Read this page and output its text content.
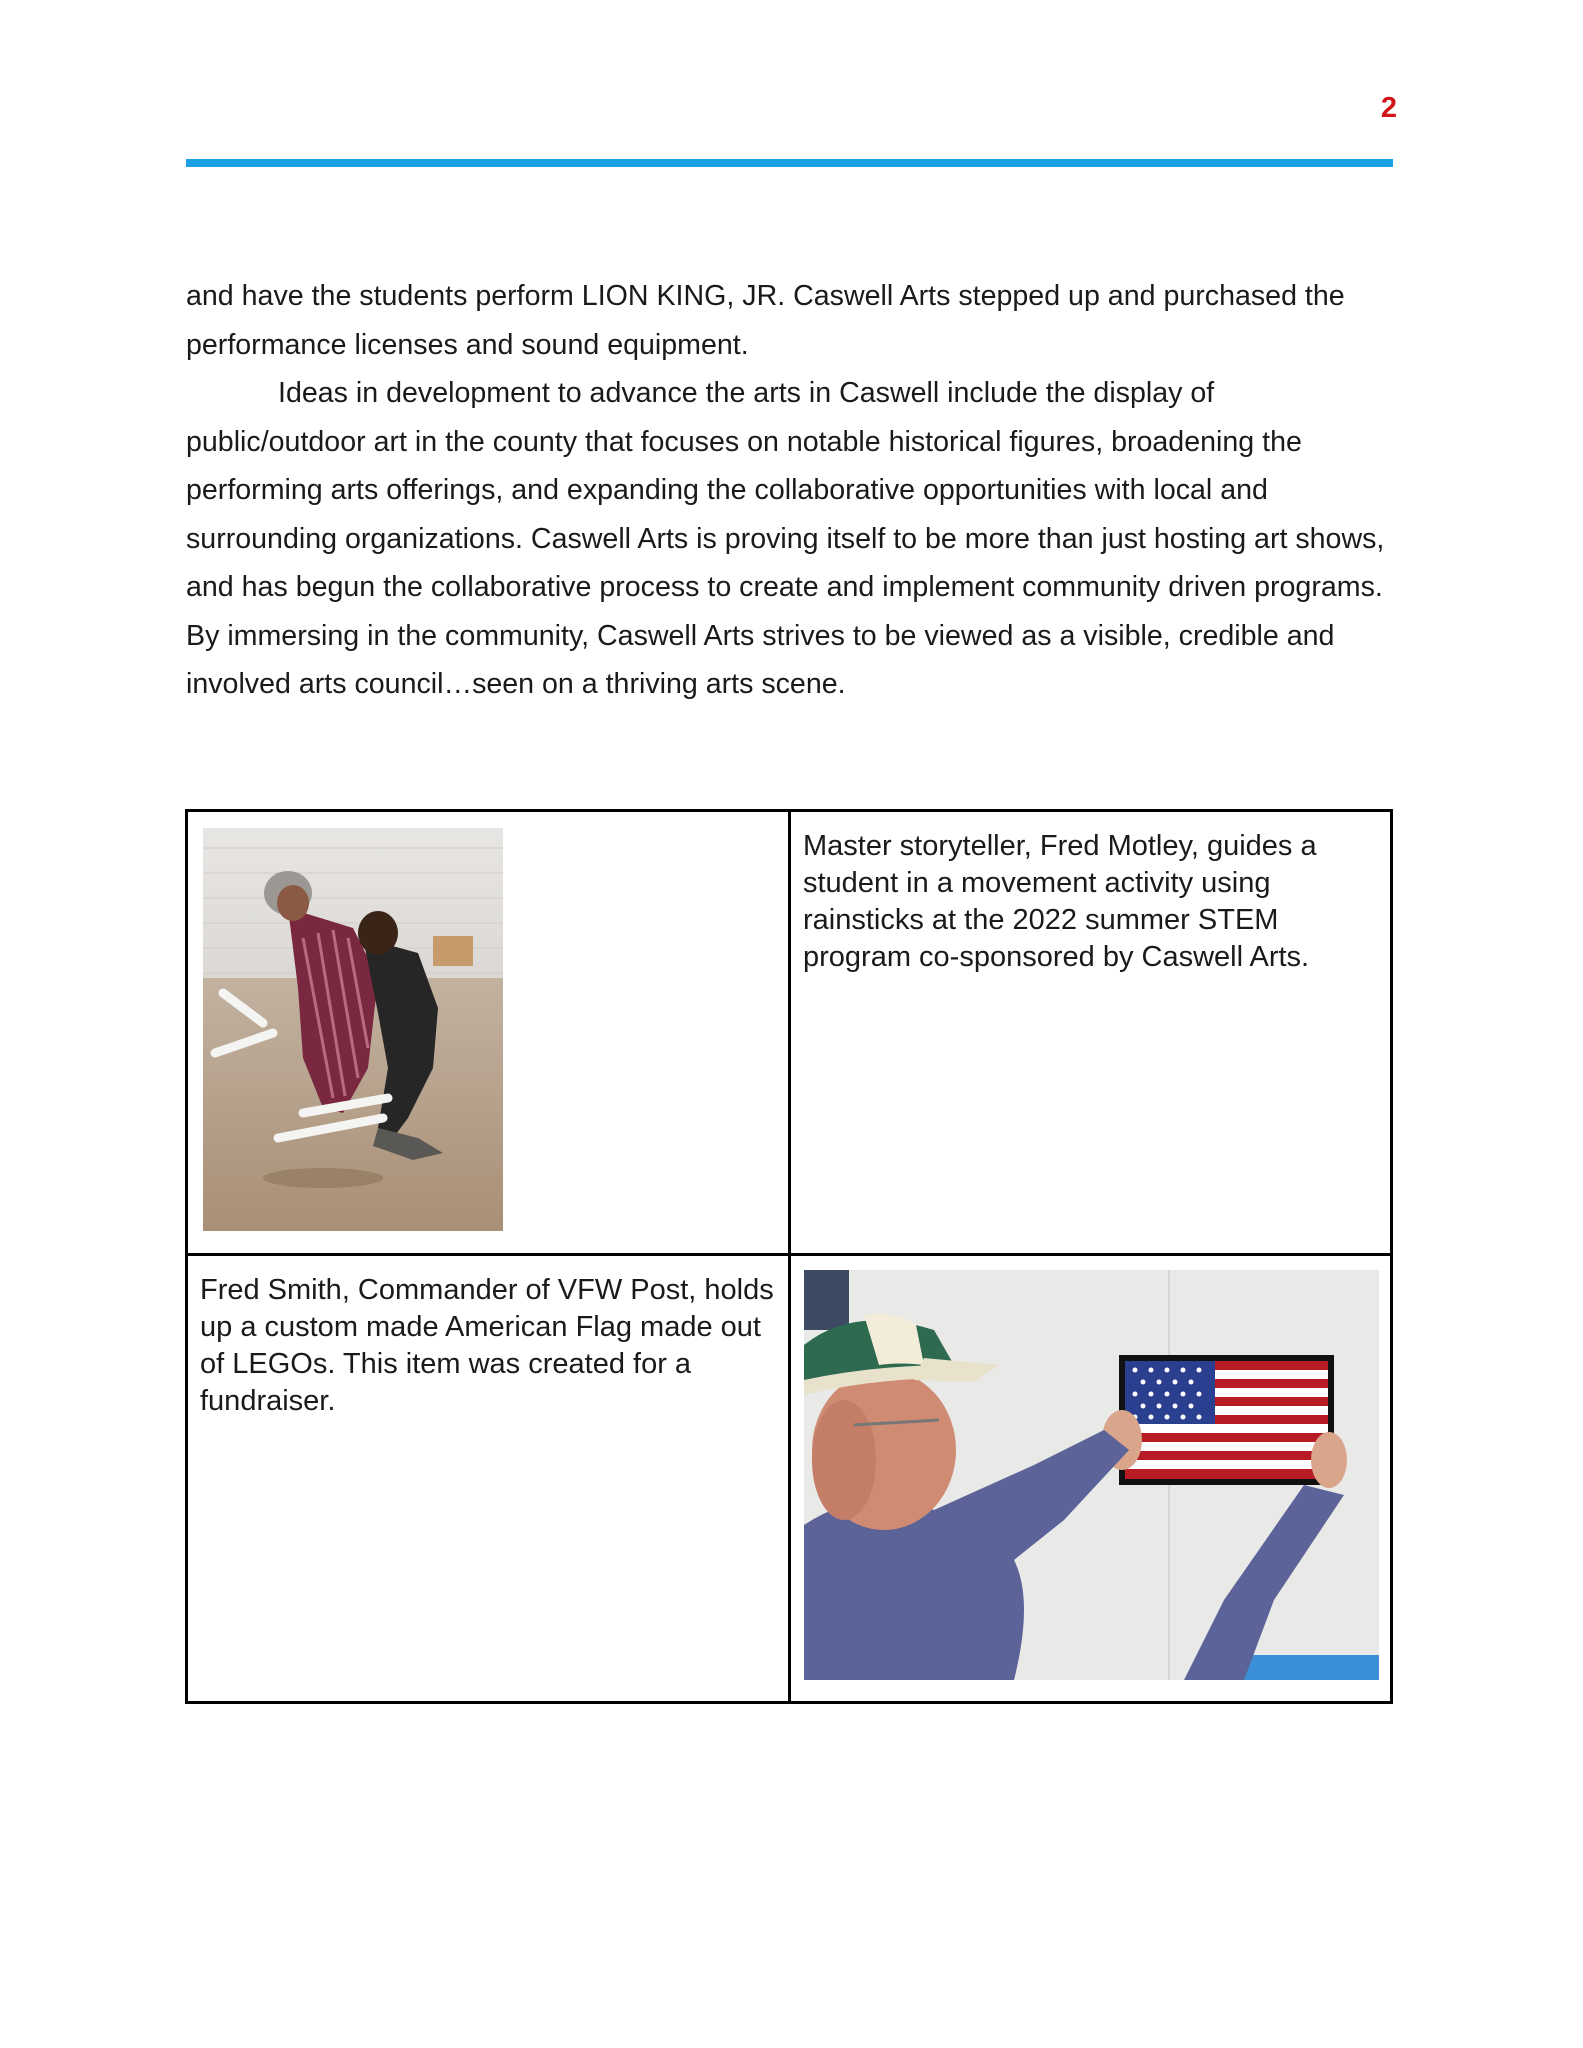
2

and have the students perform LION KING, JR. Caswell Arts stepped up and purchased the performance licenses and sound equipment.

Ideas in development to advance the arts in Caswell include the display of public/outdoor art in the county that focuses on notable historical figures, broadening the performing arts offerings, and expanding the collaborative opportunities with local and surrounding organizations. Caswell Arts is proving itself to be more than just hosting art shows, and has begun the collaborative process to create and implement community driven programs. By immersing in the community, Caswell Arts strives to be viewed as a visible, credible and involved arts council…seen on a thriving arts scene.

Master storyteller, Fred Motley, guides a student in a movement activity using rainsticks at the 2022 summer STEM program co-sponsored by Caswell Arts.
Fred Smith, Commander of VFW Post, holds up a custom made American Flag made out of LEGOs. This item was created for a fundraiser.
